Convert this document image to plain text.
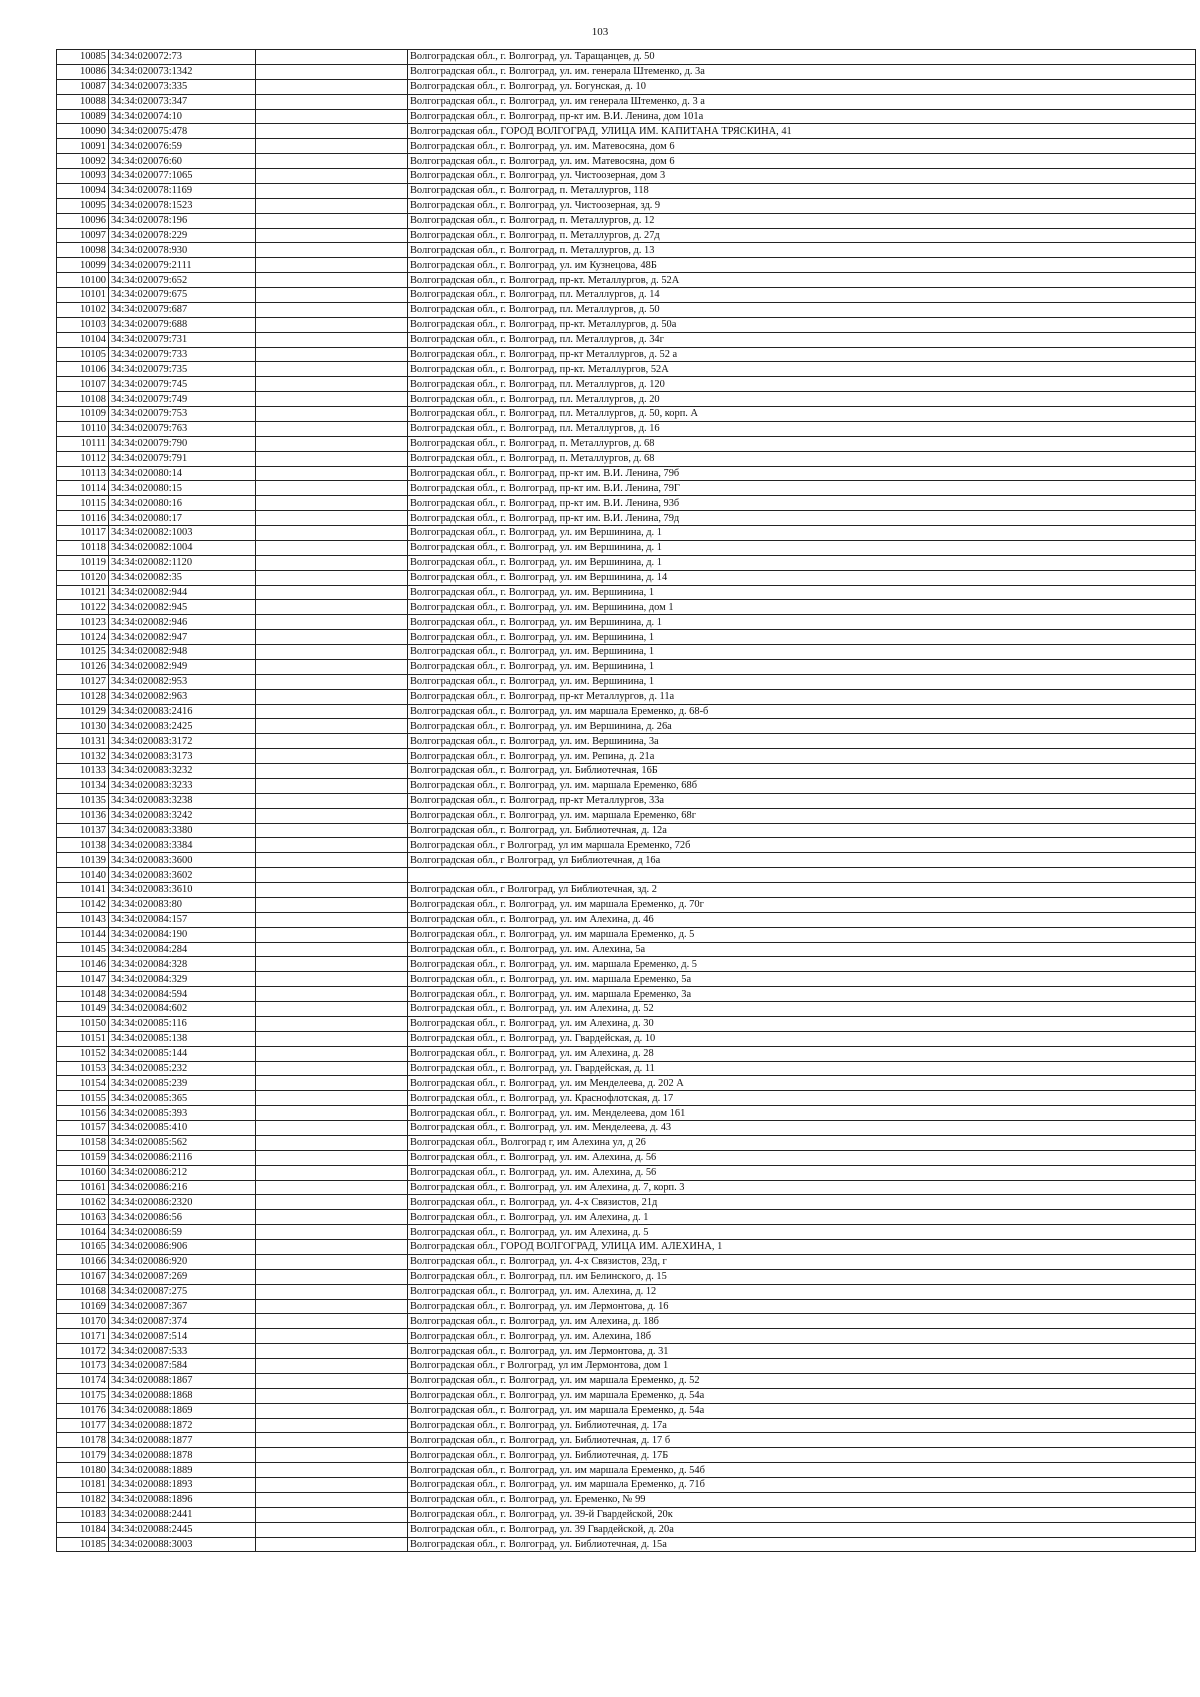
103
10085	34:34:020072:73		Волгоградская обл., г. Волгоград, ул. Таращанцев, д. 50
10086	34:34:020073:1342		Волгоградская обл., г. Волгоград, ул. им. генерала Штеменко, д. 3а
10087	34:34:020073:335		Волгоградская обл., г. Волгоград, ул. Богунская, д. 10
10088	34:34:020073:347		Волгоградская обл., г. Волгоград, ул. им генерала Штеменко, д. 3 а
10089	34:34:020074:10		Волгоградская обл., г. Волгоград, пр-кт им. В.И. Ленина, дом 101а
10090	34:34:020075:478		Волгоградская обл., ГОРОД ВОЛГОГРАД, УЛИЦА ИМ. КАПИТАНА ТРЯСКИНА, 41
10091	34:34:020076:59		Волгоградская обл., г. Волгоград, ул. им. Матевосяна, дом 6
10092	34:34:020076:60		Волгоградская обл., г. Волгоград, ул. им. Матевосяна, дом 6
10093	34:34:020077:1065		Волгоградская обл., г. Волгоград, ул. Чистоозерная, дом 3
10094	34:34:020078:1169		Волгоградская обл., г. Волгоград, п. Металлургов, 118
10095	34:34:020078:1523		Волгоградская обл., г. Волгоград, ул. Чистоозерная, зд. 9
10096	34:34:020078:196		Волгоградская обл., г. Волгоград, п. Металлургов, д. 12
10097	34:34:020078:229		Волгоградская обл., г. Волгоград, п. Металлургов, д. 27д
10098	34:34:020078:930		Волгоградская обл., г. Волгоград, п. Металлургов, д. 13
10099	34:34:020079:2111		Волгоградская обл., г. Волгоград, ул. им Кузнецова, 48Б
10100	34:34:020079:652		Волгоградская обл., г. Волгоград, пр-кт. Металлургов, д. 52А
10101	34:34:020079:675		Волгоградская обл., г. Волгоград, пл. Металлургов, д. 14
10102	34:34:020079:687		Волгоградская обл., г. Волгоград, пл. Металлургов, д. 50
10103	34:34:020079:688		Волгоградская обл., г. Волгоград, пр-кт. Металлургов, д. 50а
10104	34:34:020079:731		Волгоградская обл., г. Волгоград, пл. Металлургов, д. 34г
10105	34:34:020079:733		Волгоградская обл., г. Волгоград, пр-кт Металлургов, д. 52 а
10106	34:34:020079:735		Волгоградская обл., г. Волгоград, пр-кт. Металлургов, 52А
10107	34:34:020079:745		Волгоградская обл., г. Волгоград, пл. Металлургов, д. 120
10108	34:34:020079:749		Волгоградская обл., г. Волгоград, пл. Металлургов, д. 20
10109	34:34:020079:753		Волгоградская обл., г. Волгоград, пл. Металлургов, д. 50, корп. А
10110	34:34:020079:763		Волгоградская обл., г. Волгоград, пл. Металлургов, д. 16
10111	34:34:020079:790		Волгоградская обл., г. Волгоград, п. Металлургов, д. 68
10112	34:34:020079:791		Волгоградская обл., г. Волгоград, п. Металлургов, д. 68
10113	34:34:020080:14		Волгоградская обл., г. Волгоград, пр-кт им. В.И. Ленина, 79б
10114	34:34:020080:15		Волгоградская обл., г. Волгоград, пр-кт им. В.И. Ленина, 79Г
10115	34:34:020080:16		Волгоградская обл., г. Волгоград, пр-кт им. В.И. Ленина, 93б
10116	34:34:020080:17		Волгоградская обл., г. Волгоград, пр-кт им. В.И. Ленина, 79д
10117	34:34:020082:1003		Волгоградская обл., г. Волгоград, ул. им Вершинина, д. 1
10118	34:34:020082:1004		Волгоградская обл., г. Волгоград, ул. им Вершинина, д. 1
10119	34:34:020082:1120		Волгоградская обл., г. Волгоград, ул. им Вершинина, д. 1
10120	34:34:020082:35		Волгоградская обл., г. Волгоград, ул. им Вершинина, д. 14
10121	34:34:020082:944		Волгоградская обл., г. Волгоград, ул. им. Вершинина, 1
10122	34:34:020082:945		Волгоградская обл., г. Волгоград, ул. им. Вершинина, дом 1
10123	34:34:020082:946		Волгоградская обл., г. Волгоград, ул. им Вершинина, д. 1
10124	34:34:020082:947		Волгоградская обл., г. Волгоград, ул. им. Вершинина, 1
10125	34:34:020082:948		Волгоградская обл., г. Волгоград, ул. им. Вершинина, 1
10126	34:34:020082:949		Волгоградская обл., г. Волгоград, ул. им. Вершинина, 1
10127	34:34:020082:953		Волгоградская обл., г. Волгоград, ул. им. Вершинина, 1
10128	34:34:020082:963		Волгоградская обл., г. Волгоград, пр-кт Металлургов, д. 11а
10129	34:34:020083:2416		Волгоградская обл., г. Волгоград, ул. им маршала Еременко, д. 68-б
10130	34:34:020083:2425		Волгоградская обл., г. Волгоград, ул. им Вершинина, д. 26а
10131	34:34:020083:3172		Волгоградская обл., г. Волгоград, ул. им. Вершинина, 3а
10132	34:34:020083:3173		Волгоградская обл., г. Волгоград, ул. им. Репина, д. 21а
10133	34:34:020083:3232		Волгоградская обл., г. Волгоград, ул. Библиотечная, 16Б
10134	34:34:020083:3233		Волгоградская обл., г. Волгоград, ул. им. маршала Еременко, 68б
10135	34:34:020083:3238		Волгоградская обл., г. Волгоград, пр-кт Металлургов, 33а
10136	34:34:020083:3242		Волгоградская обл., г. Волгоград, ул. им. маршала Еременко, 68г
10137	34:34:020083:3380		Волгоградская обл., г. Волгоград, ул. Библиотечная, д. 12а
10138	34:34:020083:3384		Волгоградская обл., г Волгоград, ул им маршала Еременко, 72б
10139	34:34:020083:3600		Волгоградская обл., г Волгоград, ул Библиотечная, д 16а
10140	34:34:020083:3602		
10141	34:34:020083:3610		Волгоградская обл., г Волгоград, ул Библиотечная, зд. 2
10142	34:34:020083:80		Волгоградская обл., г. Волгоград, ул. им маршала Еременко, д. 70г
10143	34:34:020084:157		Волгоградская обл., г. Волгоград, ул. им Алехина, д. 46
10144	34:34:020084:190		Волгоградская обл., г. Волгоград, ул. им маршала Еременко, д. 5
10145	34:34:020084:284		Волгоградская обл., г. Волгоград, ул. им. Алехина, 5а
10146	34:34:020084:328		Волгоградская обл., г. Волгоград, ул. им. маршала Еременко, д. 5
10147	34:34:020084:329		Волгоградская обл., г. Волгоград, ул. им. маршала Еременко, 5а
10148	34:34:020084:594		Волгоградская обл., г. Волгоград, ул. им. маршала Еременко, 3а
10149	34:34:020084:602		Волгоградская обл., г. Волгоград, ул. им Алехина, д. 52
10150	34:34:020085:116		Волгоградская обл., г. Волгоград, ул. им Алехина, д. 30
10151	34:34:020085:138		Волгоградская обл., г. Волгоград, ул. Гвардейская, д. 10
10152	34:34:020085:144		Волгоградская обл., г. Волгоград, ул. им Алехина, д. 28
10153	34:34:020085:232		Волгоградская обл., г. Волгоград, ул. Гвардейская, д. 11
10154	34:34:020085:239		Волгоградская обл., г. Волгоград, ул. им Менделеева, д. 202 А
10155	34:34:020085:365		Волгоградская обл., г. Волгоград, ул. Краснофлотская, д. 17
10156	34:34:020085:393		Волгоградская обл., г. Волгоград, ул. им. Менделеева, дом 161
10157	34:34:020085:410		Волгоградская обл., г. Волгоград, ул. им. Менделеева, д. 43
10158	34:34:020085:562		Волгоградская обл., Волгоград г, им Алехина ул, д 26
10159	34:34:020086:2116		Волгоградская обл., г. Волгоград, ул. им. Алехина, д. 56
10160	34:34:020086:212		Волгоградская обл., г. Волгоград, ул. им. Алехина, д. 56
10161	34:34:020086:216		Волгоградская обл., г. Волгоград, ул. им Алехина, д. 7, корп. 3
10162	34:34:020086:2320		Волгоградская обл., г. Волгоград, ул. 4-х Связистов, 21д
10163	34:34:020086:56		Волгоградская обл., г. Волгоград, ул. им Алехина, д. 1
10164	34:34:020086:59		Волгоградская обл., г. Волгоград, ул. им Алехина, д. 5
10165	34:34:020086:906		Волгоградская обл., ГОРОД ВОЛГОГРАД, УЛИЦА ИМ. АЛЕХИНА, 1
10166	34:34:020086:920		Волгоградская обл., г. Волгоград, ул. 4-х Связистов, 23д, г
10167	34:34:020087:269		Волгоградская обл., г. Волгоград, пл. им Белинского, д. 15
10168	34:34:020087:275		Волгоградская обл., г. Волгоград, ул. им. Алехина, д. 12
10169	34:34:020087:367		Волгоградская обл., г. Волгоград, ул. им Лермонтова, д. 16
10170	34:34:020087:374		Волгоградская обл., г. Волгоград, ул. им Алехина, д. 18б
10171	34:34:020087:514		Волгоградская обл., г. Волгоград, ул. им. Алехина, 18б
10172	34:34:020087:533		Волгоградская обл., г. Волгоград, ул. им Лермонтова, д. 31
10173	34:34:020087:584		Волгоградская обл., г Волгоград, ул им Лермонтова, дом 1
10174	34:34:020088:1867		Волгоградская обл., г. Волгоград, ул. им маршала Еременко, д. 52
10175	34:34:020088:1868		Волгоградская обл., г. Волгоград, ул. им маршала Еременко, д. 54а
10176	34:34:020088:1869		Волгоградская обл., г. Волгоград, ул. им маршала Еременко, д. 54а
10177	34:34:020088:1872		Волгоградская обл., г. Волгоград, ул. Библиотечная, д. 17а
10178	34:34:020088:1877		Волгоградская обл., г. Волгоград, ул. Библиотечная, д. 17 б
10179	34:34:020088:1878		Волгоградская обл., г. Волгоград, ул. Библиотечная, д. 17Б
10180	34:34:020088:1889		Волгоградская обл., г. Волгоград, ул. им маршала Еременко, д. 54б
10181	34:34:020088:1893		Волгоградская обл., г. Волгоград, ул. им маршала Еременко, д. 71б
10182	34:34:020088:1896		Волгоградская обл., г. Волгоград, ул. Еременко, № 99
10183	34:34:020088:2441		Волгоградская обл., г. Волгоград, ул. 39-й Гвардейской, 20к
10184	34:34:020088:2445		Волгоградская обл., г. Волгоград, ул. 39 Гвардейской, д. 20а
10185	34:34:020088:3003		Волгоградская обл., г. Волгоград, ул. Библиотечная, д. 15а
